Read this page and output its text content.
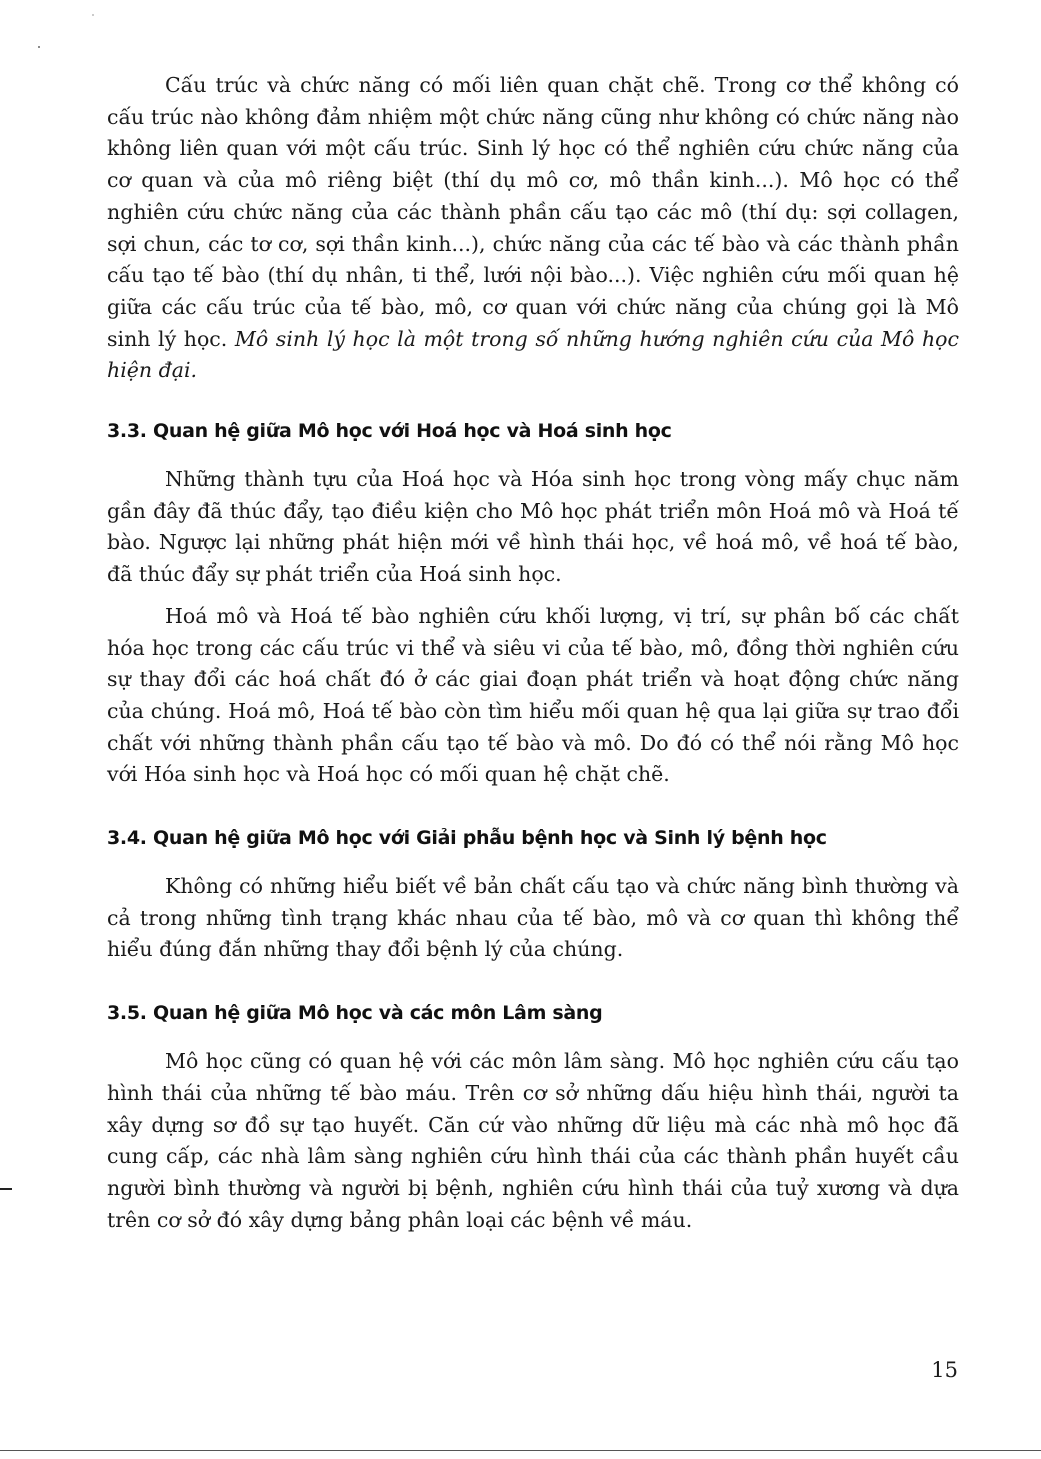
Cấu trúc và chức năng có mối liên quan chặt chẽ. Trong cơ thể không có cấu trúc nào không đảm nhiệm một chức năng cũng như không có chức năng nào không liên quan với một cấu trúc. Sinh lý học có thể nghiên cứu chức năng của cơ quan và của mô riêng biệt (thí dụ mô cơ, mô thần kinh...). Mô học có thể nghiên cứu chức năng của các thành phần cấu tạo các mô (thí dụ: sợi collagen, sợi chun, các tơ cơ, sợi thần kinh...), chức năng của các tế bào và các thành phần cấu tạo tế bào (thí dụ nhân, ti thể, lưới nội bào...). Việc nghiên cứu mối quan hệ giữa các cấu trúc của tế bào, mô, cơ quan với chức năng của chúng gọi là Mô sinh lý học. Mô sinh lý học là một trong số những hướng nghiên cứu của Mô học hiện đại.

3.3. Quan hệ giữa Mô học với Hoá học và Hoá sinh học

Những thành tựu của Hoá học và Hóa sinh học trong vòng mấy chục năm gần đây đã thúc đẩy, tạo điều kiện cho Mô học phát triển môn Hoá mô và Hoá tế bào. Ngược lại những phát hiện mới về hình thái học, về hoá mô, về hoá tế bào, đã thúc đẩy sự phát triển của Hoá sinh học.

Hoá mô và Hoá tế bào nghiên cứu khối lượng, vị trí, sự phân bố các chất hóa học trong các cấu trúc vi thể và siêu vi của tế bào, mô, đồng thời nghiên cứu sự thay đổi các hoá chất đó ở các giai đoạn phát triển và hoạt động chức năng của chúng. Hoá mô, Hoá tế bào còn tìm hiểu mối quan hệ qua lại giữa sự trao đổi chất với những thành phần cấu tạo tế bào và mô. Do đó có thể nói rằng Mô học với Hóa sinh học và Hoá học có mối quan hệ chặt chẽ.

3.4. Quan hệ giữa Mô học với Giải phẫu bệnh học và Sinh lý bệnh học

Không có những hiểu biết về bản chất cấu tạo và chức năng bình thường và cả trong những tình trạng khác nhau của tế bào, mô và cơ quan thì không thể hiểu đúng đắn những thay đổi bệnh lý của chúng.

3.5. Quan hệ giữa Mô học và các môn Lâm sàng

Mô học cũng có quan hệ với các môn lâm sàng. Mô học nghiên cứu cấu tạo hình thái của những tế bào máu. Trên cơ sở những dấu hiệu hình thái, người ta xây dựng sơ đồ sự tạo huyết. Căn cứ vào những dữ liệu mà các nhà mô học đã cung cấp, các nhà lâm sàng nghiên cứu hình thái của các thành phần huyết cầu người bình thường và người bị bệnh, nghiên cứu hình thái của tuỷ xương và dựa trên cơ sở đó xây dựng bảng phân loại các bệnh về máu.

15
